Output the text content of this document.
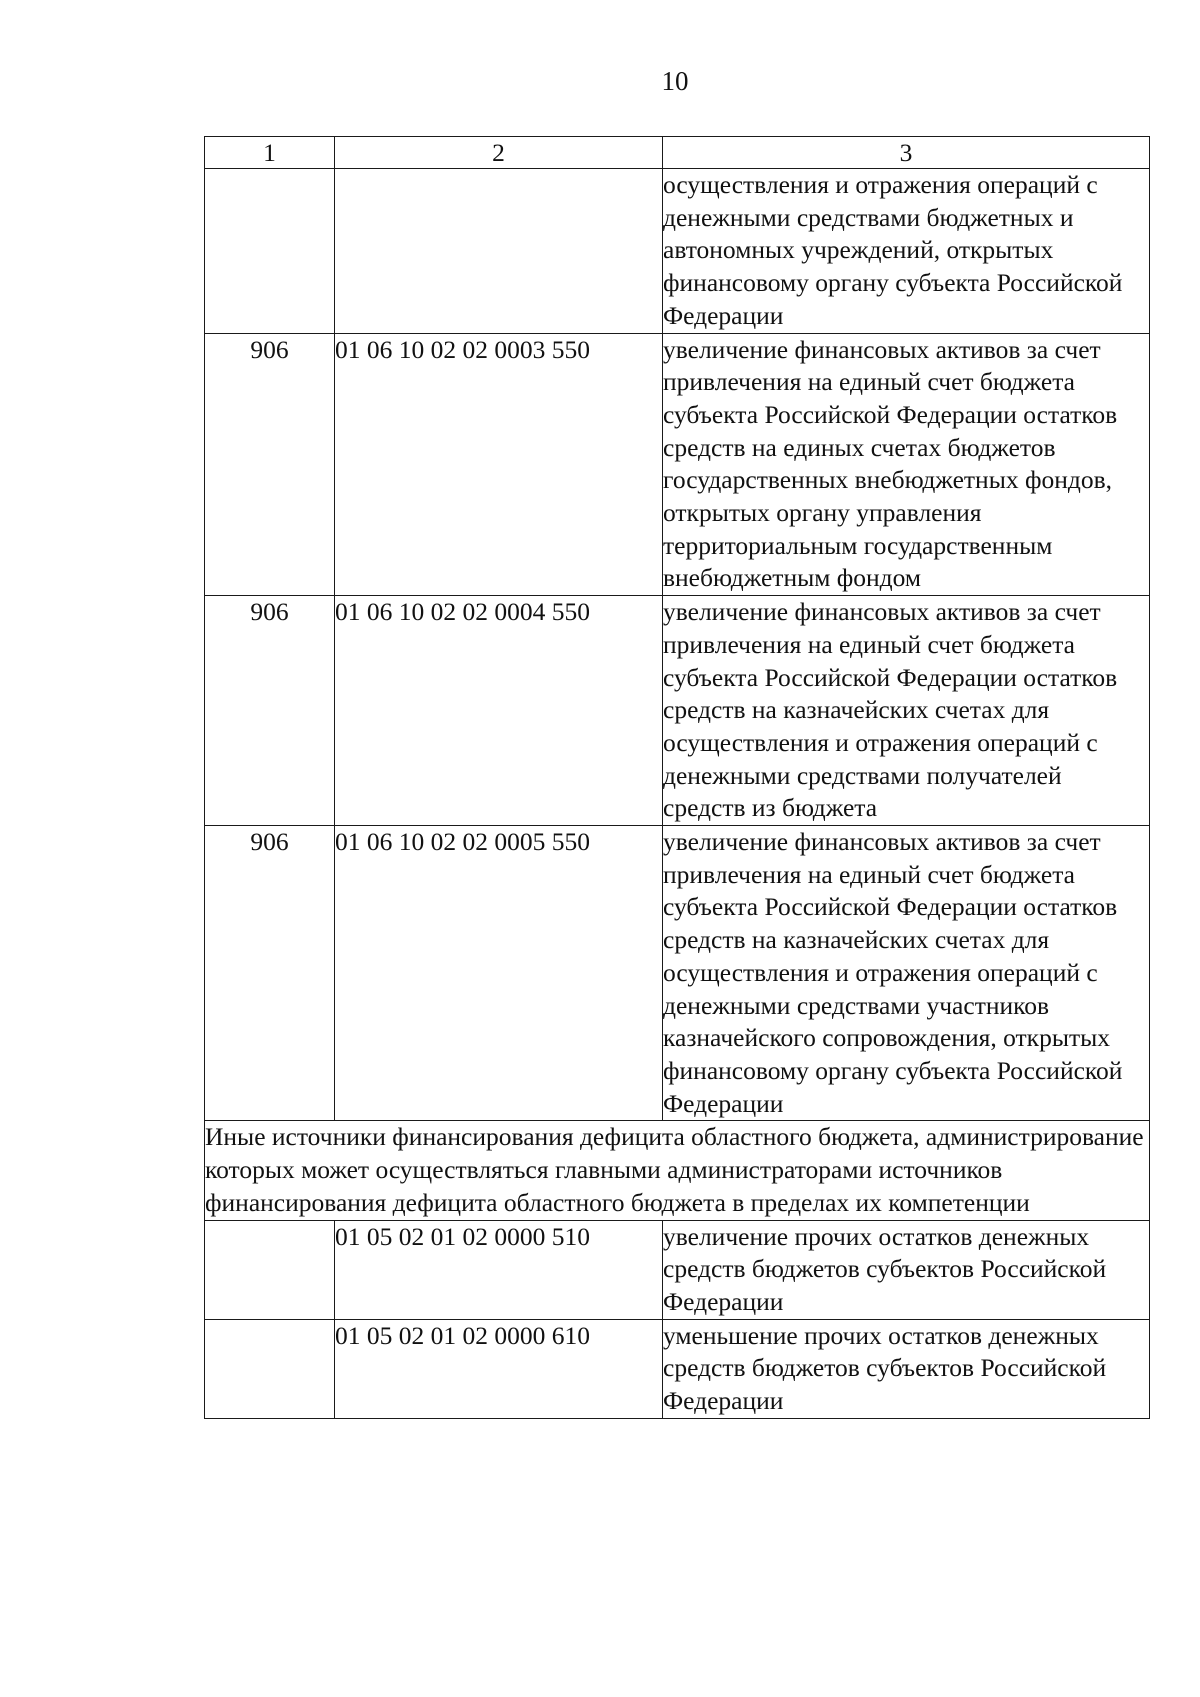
10
1	2	3
		осуществления и отражения операций с денежными средствами бюджетных и автономных учреждений, открытых финансовому органу субъекта Российской Федерации
906	01 06 10 02 02 0003 550	увеличение финансовых активов за счет привлечения на единый счет бюджета субъекта Российской Федерации остатков средств на единых счетах бюджетов государственных внебюджетных фондов, открытых органу управления территориальным государственным внебюджетным фондом
906	01 06 10 02 02 0004 550	увеличение финансовых активов за счет привлечения на единый счет бюджета субъекта Российской Федерации остатков средств на казначейских счетах для осуществления и отражения операций с денежными средствами получателей средств из бюджета
906	01 06 10 02 02 0005 550	увеличение финансовых активов за счет привлечения на единый счет бюджета субъекта Российской Федерации остатков средств на казначейских счетах для осуществления и отражения операций с денежными средствами участников казначейского сопровождения, открытых финансовому органу субъекта Российской Федерации
Иные источники финансирования дефицита областного бюджета, администрирование которых может осуществляться главными администраторами источников финансирования дефицита областного бюджета в пределах их компетенции		
	01 05 02 01 02 0000 510	увеличение прочих остатков денежных средств бюджетов субъектов Российской Федерации
	01 05 02 01 02 0000 610	уменьшение прочих остатков денежных средств бюджетов субъектов Российской Федерации
